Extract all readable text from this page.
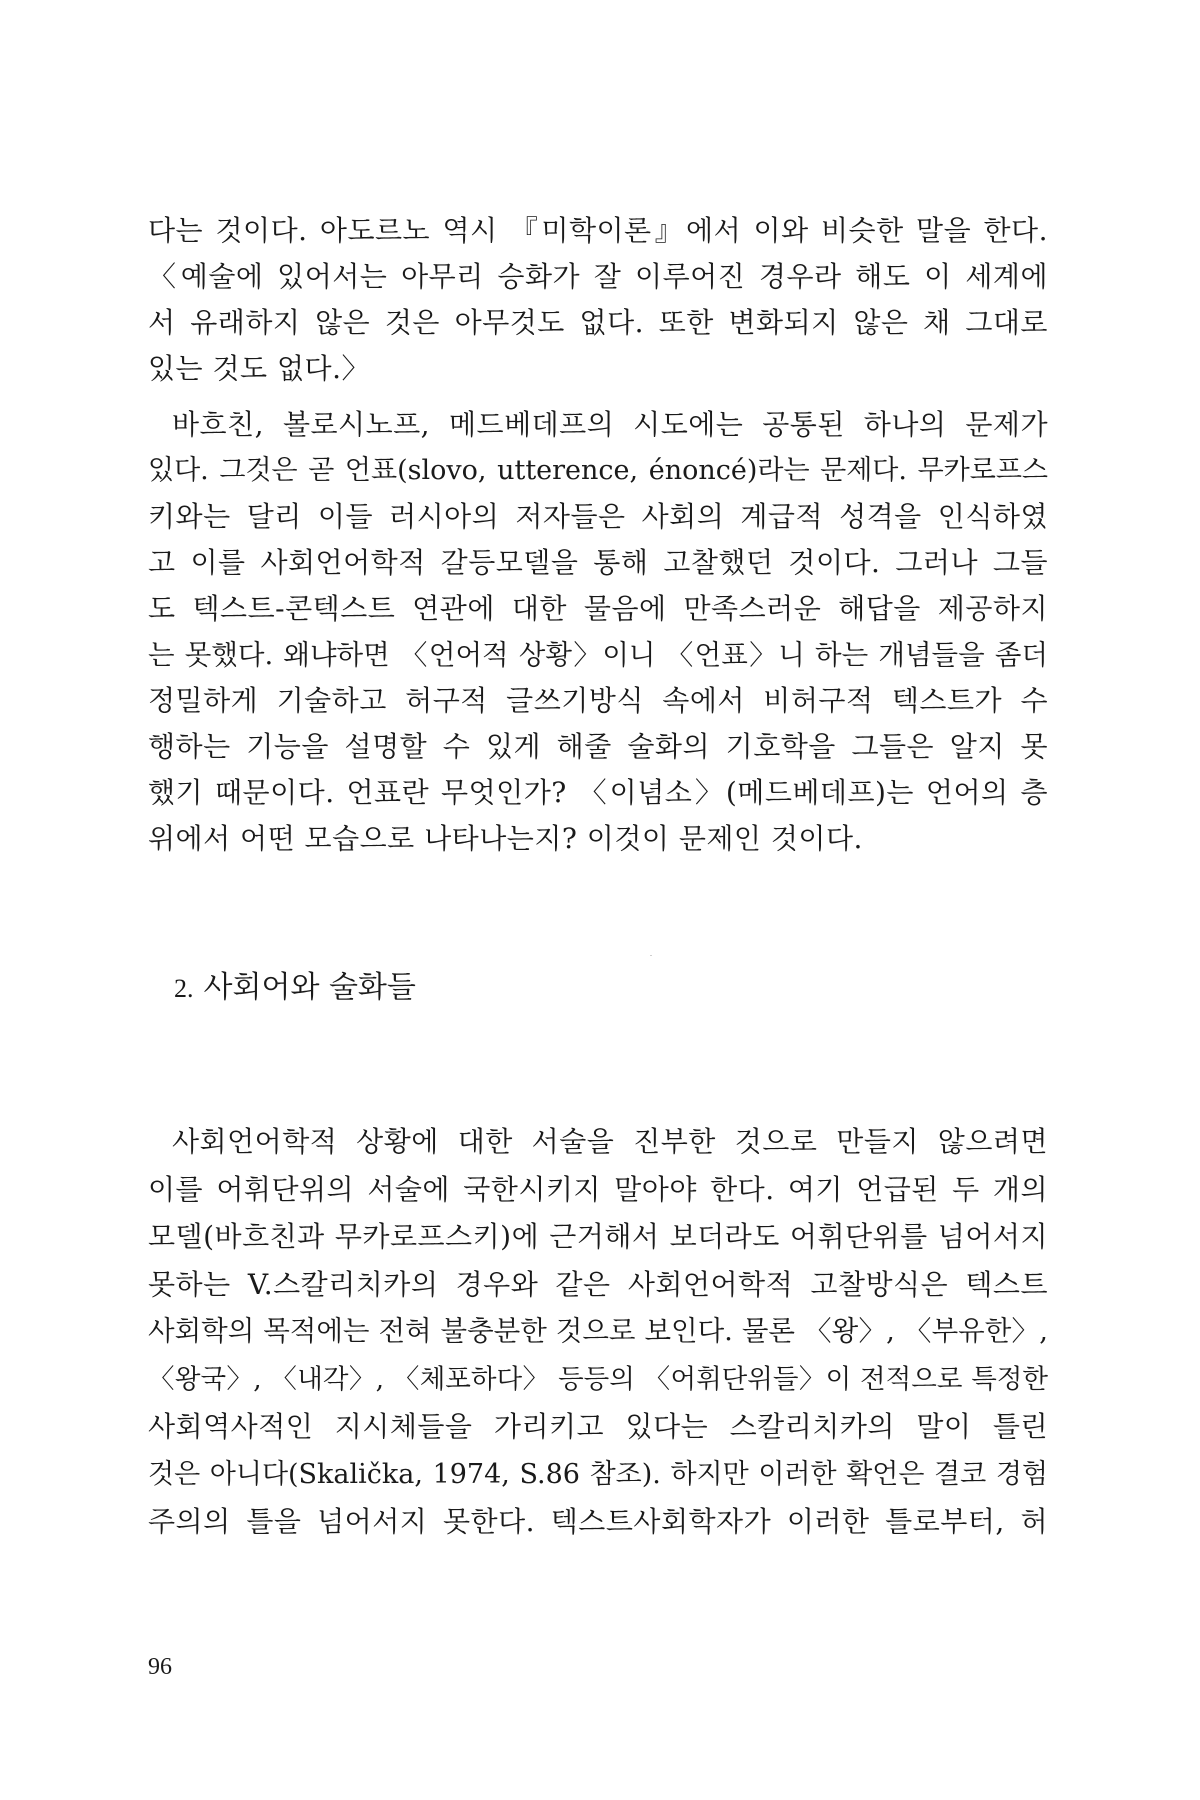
다는 것이다. 아도르노 역시 『미학이론』에서 이와 비슷한 말을 한다.
〈예술에 있어서는 아무리 승화가 잘 이루어진 경우라 해도 이 세계에
서 유래하지 않은 것은 아무것도 없다. 또한 변화되지 않은 채 그대로
있는 것도 없다.〉
바흐친, 볼로시노프, 메드베데프의 시도에는 공통된 하나의 문제가
있다. 그것은 곧 언표(slovo, utterence, énoncé)라는 문제다. 무카로프스
키와는 달리 이들 러시아의 저자들은 사회의 계급적 성격을 인식하였
고 이를 사회언어학적 갈등모델을 통해 고찰했던 것이다. 그러나 그들
도 텍스트-콘텍스트 연관에 대한 물음에 만족스러운 해답을 제공하지
는 못했다. 왜냐하면 〈언어적 상황〉이니 〈언표〉니 하는 개념들을 좀더
정밀하게 기술하고 허구적 글쓰기방식 속에서 비허구적 텍스트가 수
행하는 기능을 설명할 수 있게 해줄 술화의 기호학을 그들은 알지 못
했기 때문이다. 언표란 무엇인가? 〈이념소〉(메드베데프)는 언어의 층
위에서 어떤 모습으로 나타나는지? 이것이 문제인 것이다.
2. 사회어와 술화들
사회언어학적 상황에 대한 서술을 진부한 것으로 만들지 않으려면
이를 어휘단위의 서술에 국한시키지 말아야 한다. 여기 언급된 두 개의
모델(바흐친과 무카로프스키)에 근거해서 보더라도 어휘단위를 넘어서지
못하는 V.스칼리치카의 경우와 같은 사회언어학적 고찰방식은 텍스트
사회학의 목적에는 전혀 불충분한 것으로 보인다. 물론 〈왕〉, 〈부유한〉,
〈왕국〉, 〈내각〉, 〈체포하다〉 등등의 〈어휘단위들〉이 전적으로 특정한
사회역사적인 지시체들을 가리키고 있다는 스칼리치카의 말이 틀린
것은 아니다(Skalička, 1974, S.86 참조). 하지만 이러한 확언은 결코 경험
주의의 틀을 넘어서지 못한다. 텍스트사회학자가 이러한 틀로부터, 허
96
